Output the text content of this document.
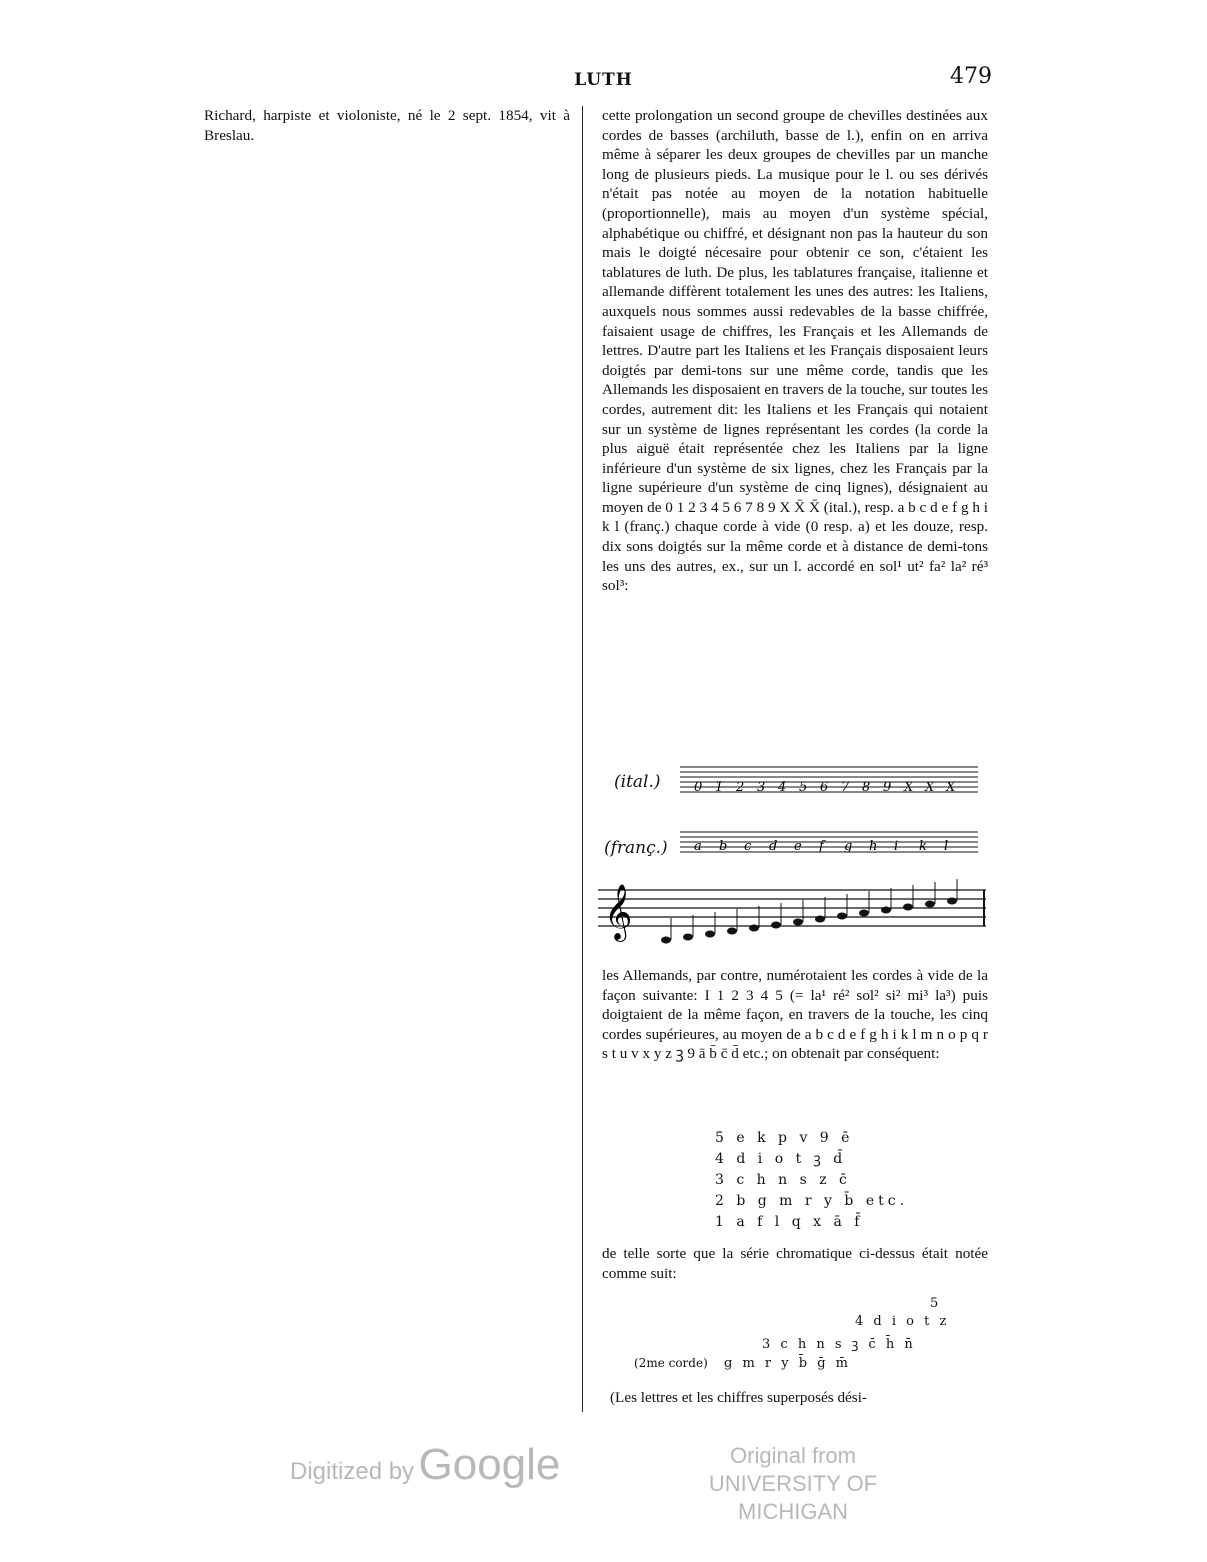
LUTH	479

Richard, harpiste et violoniste, né le 2 sept. 1854, vit à Breslau.

cette prolongation un second groupe de chevilles destinées aux cordes de basses (archiluth, basse de l.), enfin on en arriva même à séparer les deux groupes de chevilles par un manche long de plusieurs pieds. La musique pour le l. ou ses dérivés n'était pas notée au moyen de la notation habituelle (proportionnelle), mais au moyen d'un système spécial, alphabétique ou chiffré, et désignant non pas la hauteur du son mais le doigté nécesaire pour obtenir ce son, c'étaient les tablatures de luth. De plus, les tablatures française, italienne et allemande diffèrent totalement les unes des autres: les Italiens, auxquels nous sommes aussi redevables de la basse chiffrée, faisaient usage de chiffres, les Français et les Allemands de lettres. D'autre part les Italiens et les Français disposaient leurs doigtés par demi-tons sur une même corde, tandis que les Allemands les disposaient en travers de la touche, sur toutes les cordes, autrement dit: les Italiens et les Français qui notaient sur un système de lignes représentant les cordes (la corde la plus aiguë était représentée chez les Italiens par la ligne inférieure d'un système de six lignes, chez les Français par la ligne supérieure d'un système de cinq lignes), désignaient au moyen de 0 1 2 3 4 5 6 7 8 9 X X̄ X̄ (ital.), resp. a b c d e f g h i k l (franç.) chaque corde à vide (0 resp. a) et les douze, resp. dix sons doigtés sur la même corde et à distance de demi-tons les uns des autres, ex., sur un l. accordé en sol¹ ut² fa² la² ré³ sol³:

(ital.)	0 1 2 3 4 5 6 7 8 9 X X X
(franç.) a b c d e f g h i k l
𝄞

les Allemands, par contre, numérotaient les cordes à vide de la façon suivante: I 1 2 3 4 5 (= la¹ ré² sol² si² mi³ la³) puis doigtaient de la même façon, en travers de la touche, les cinq cordes supérieures, au moyen de a b c d e f g h i k l m n o p q r s t u v x y z ꝫ 9 ā b̄ c̄ d̄ etc.; on obtenait par conséquent:

5 e k p v 9 ē
4 d i o t ꝫ d̄
3 c h n s z c̄
2 b g m r y b̄ etc.
1 a f l q x ā f̄

de telle sorte que la série chromatique ci-dessus était notée comme suit:

5
4 d i o t z
3 c h n s ꝫ c̄ h̄ n̄
(2me corde) g m r y b̄ ḡ m̄

(Les lettres et les chiffres superposés dési-

Digitized by Google	Original from
UNIVERSITY OF MICHIGAN
